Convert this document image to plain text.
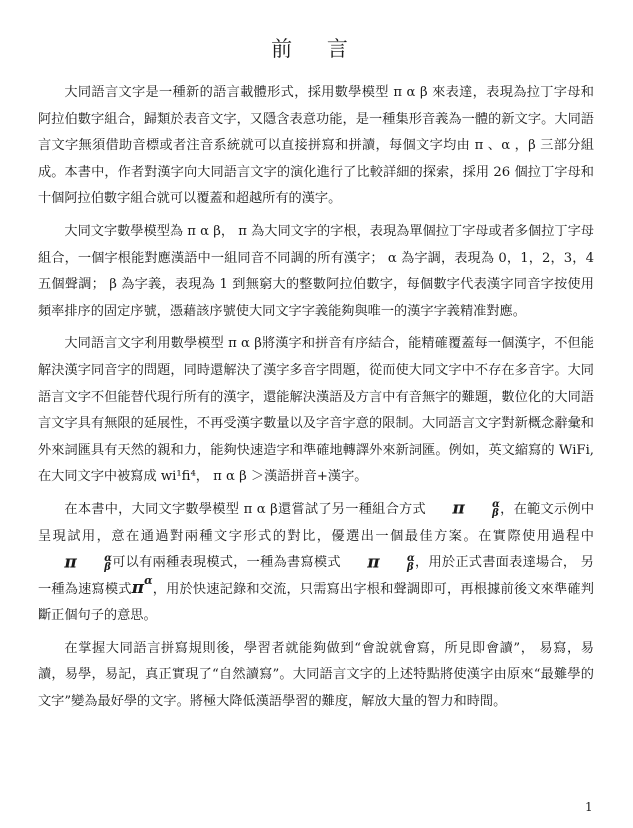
前 言

大同語言文字是一種新的語言載體形式，採用數學模型 π α β 來表達，表現為拉丁字母和阿拉伯數字組合，歸類於表音文字，又隱含表意功能，是一種集形音義為一體的新文字。大同語言文字無須借助音標或者注音系統就可以直接拼寫和拼讀，每個文字均由 π 、α ，β 三部分組成。本書中，作者對漢字向大同語言文字的演化進行了比較詳細的探索，採用 26 個拉丁字母和十個阿拉伯數字組合就可以覆蓋和超越所有的漢字。

大同文字數學模型為 π α β， π 為大同文字的字根，表現為單個拉丁字母或者多個拉丁字母組合，一個字根能對應漢語中一組同音不同調的所有漢字； α 為字調，表現為 0，1，2，3，4 五個聲調； β 為字義，表現為 1 到無窮大的整數阿拉伯數字，每個數字代表漢字同音字按使用頻率排序的固定序號，憑藉該序號使大同文字字義能夠與唯一的漢字字義精准對應。

大同語言文字利用數學模型 π α β將漢字和拼音有序結合，能精確覆蓋每一個漢字，不但能解決漢字同音字的問題，同時還解決了漢字多音字問題，從而使大同文字中不存在多音字。大同語言文字不但能替代現行所有的漢字，還能解決漢語及方言中有音無字的難題，數位化的大同語言文字具有無限的延展性，不再受漢字數量以及字音字意的限制。大同語言文字對新概念辭彙和外來詞匯具有天然的親和力，能夠快速造字和準確地轉譯外來新詞匯。例如，英文縮寫的 WiFi,在大同文字中被寫成 wi¹fi⁴， π α β ＞漢語拼音+漢字。

在本書中，大同文字數學模型 π α β還嘗試了另一種組合方式 π	α
β ，在範文示例中呈現試用，意在通過對兩種文字形式的對比，優選出一個最佳方案。在實際使用過程中π	α
β 可以有兩種表現模式，一種為書寫模式 π	α
β ，用於正式書面表達場合， 另一種為速寫模式$\pi^\alpha$，用於快速記錄和交流，只需寫出字根和聲調即可，再根據前後文來準確判斷正個句子的意思。

在掌握大同語言拼寫規則後，學習者就能夠做到“會說就會寫，所見即會讀”， 易寫，易讀，易學，易記，真正實現了“自然讀寫”。大同語言文字的上述特點將使漢字由原來“最難學的文字”變為最好學的文字。將極大降低漢語學習的難度，解放大量的智力和時間。

1
